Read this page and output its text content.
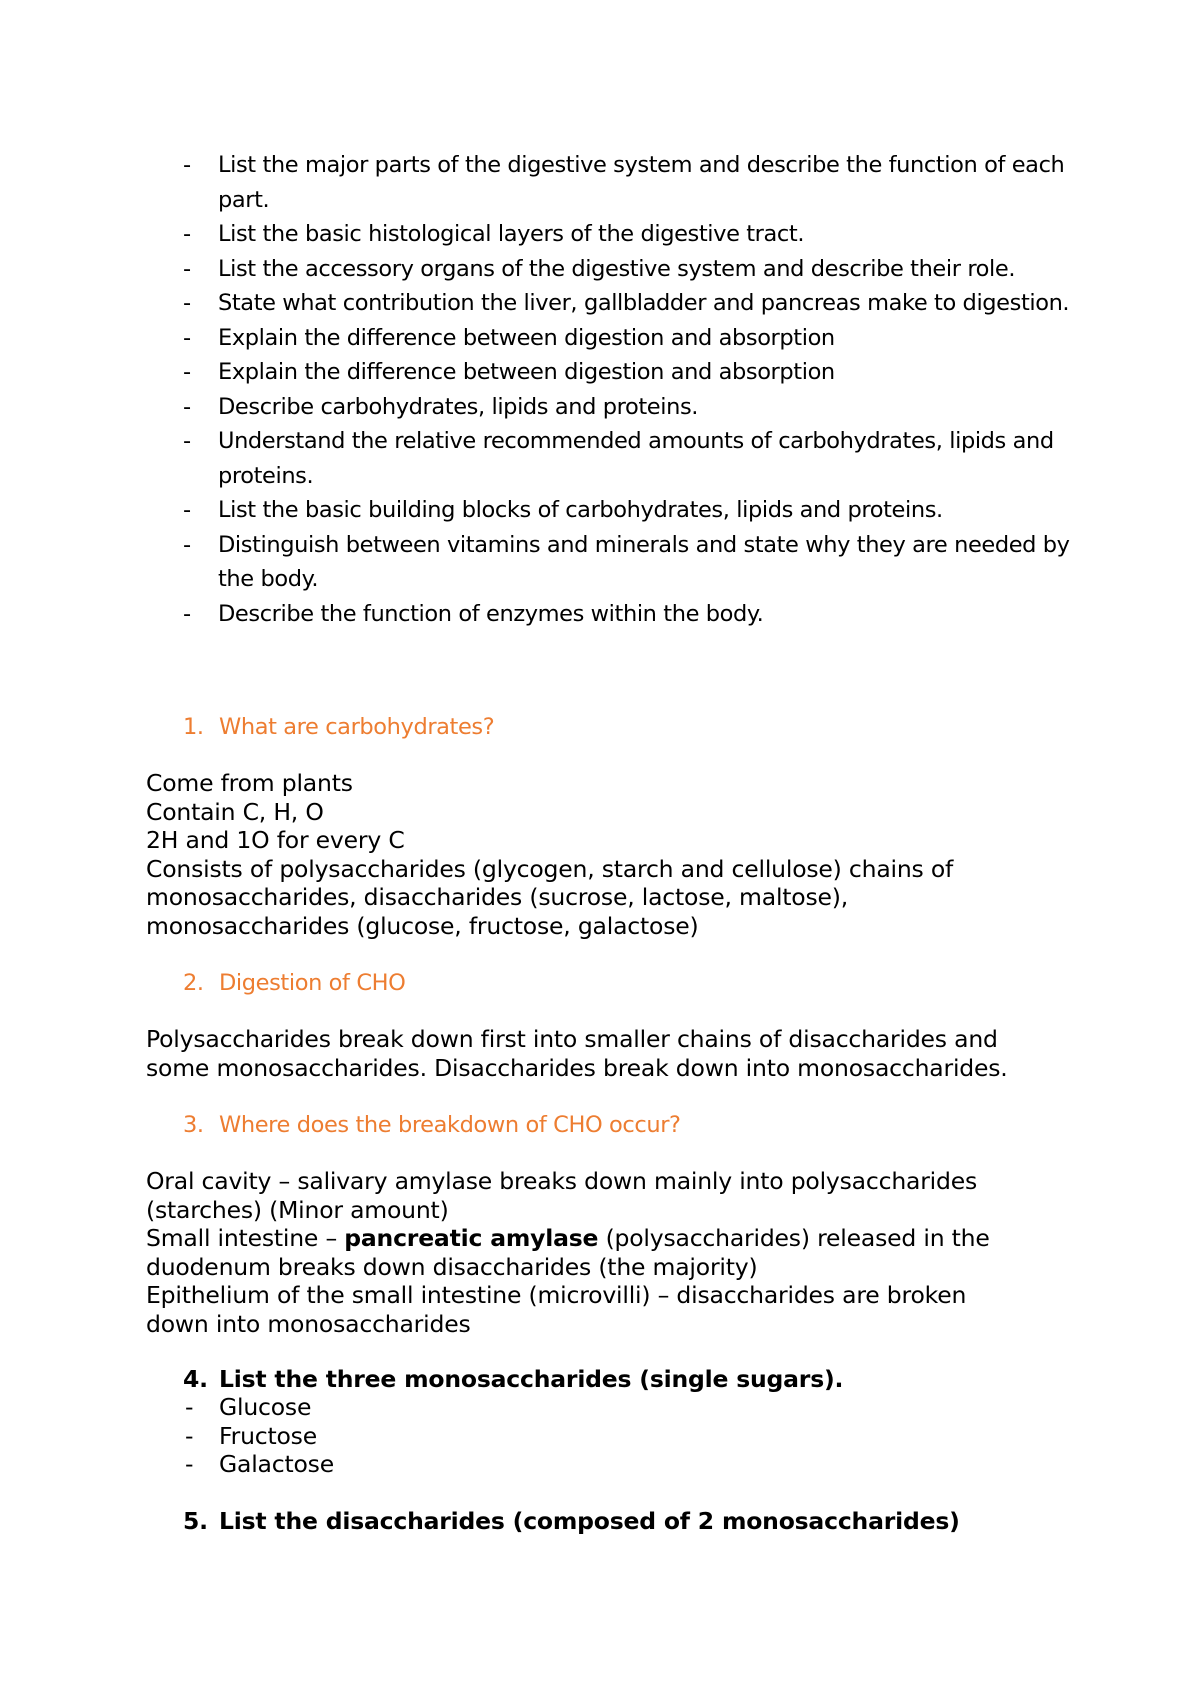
- List the major parts of the digestive system and describe the function of each part.
- List the basic histological layers of the digestive tract.
- List the accessory organs of the digestive system and describe their role.
- State what contribution the liver, gallbladder and pancreas make to digestion.
- Explain the difference between digestion and absorption
- Explain the difference between digestion and absorption
- Describe carbohydrates, lipids and proteins.
- Understand the relative recommended amounts of carbohydrates, lipids and proteins.
- List the basic building blocks of carbohydrates, lipids and proteins.
- Distinguish between vitamins and minerals and state why they are needed by the body.
- Describe the function of enzymes within the body.
1. What are carbohydrates?
Come from plants
Contain C, H, O
2H and 1O for every C
Consists of polysaccharides (glycogen, starch and cellulose) chains of
monosaccharides, disaccharides (sucrose, lactose, maltose),
monosaccharides (glucose, fructose, galactose)
2. Digestion of CHO
Polysaccharides break down first into smaller chains of disaccharides and
some monosaccharides. Disaccharides break down into monosaccharides.
3. Where does the breakdown of CHO occur?
Oral cavity – salivary amylase breaks down mainly into polysaccharides
(starches) (Minor amount)
Small intestine – pancreatic amylase (polysaccharides) released in the
duodenum breaks down disaccharides (the majority)
Epithelium of the small intestine (microvilli) – disaccharides are broken
down into monosaccharides
4. List the three monosaccharides (single sugars).
- Glucose
- Fructose
- Galactose
5. List the disaccharides (composed of 2 monosaccharides)
